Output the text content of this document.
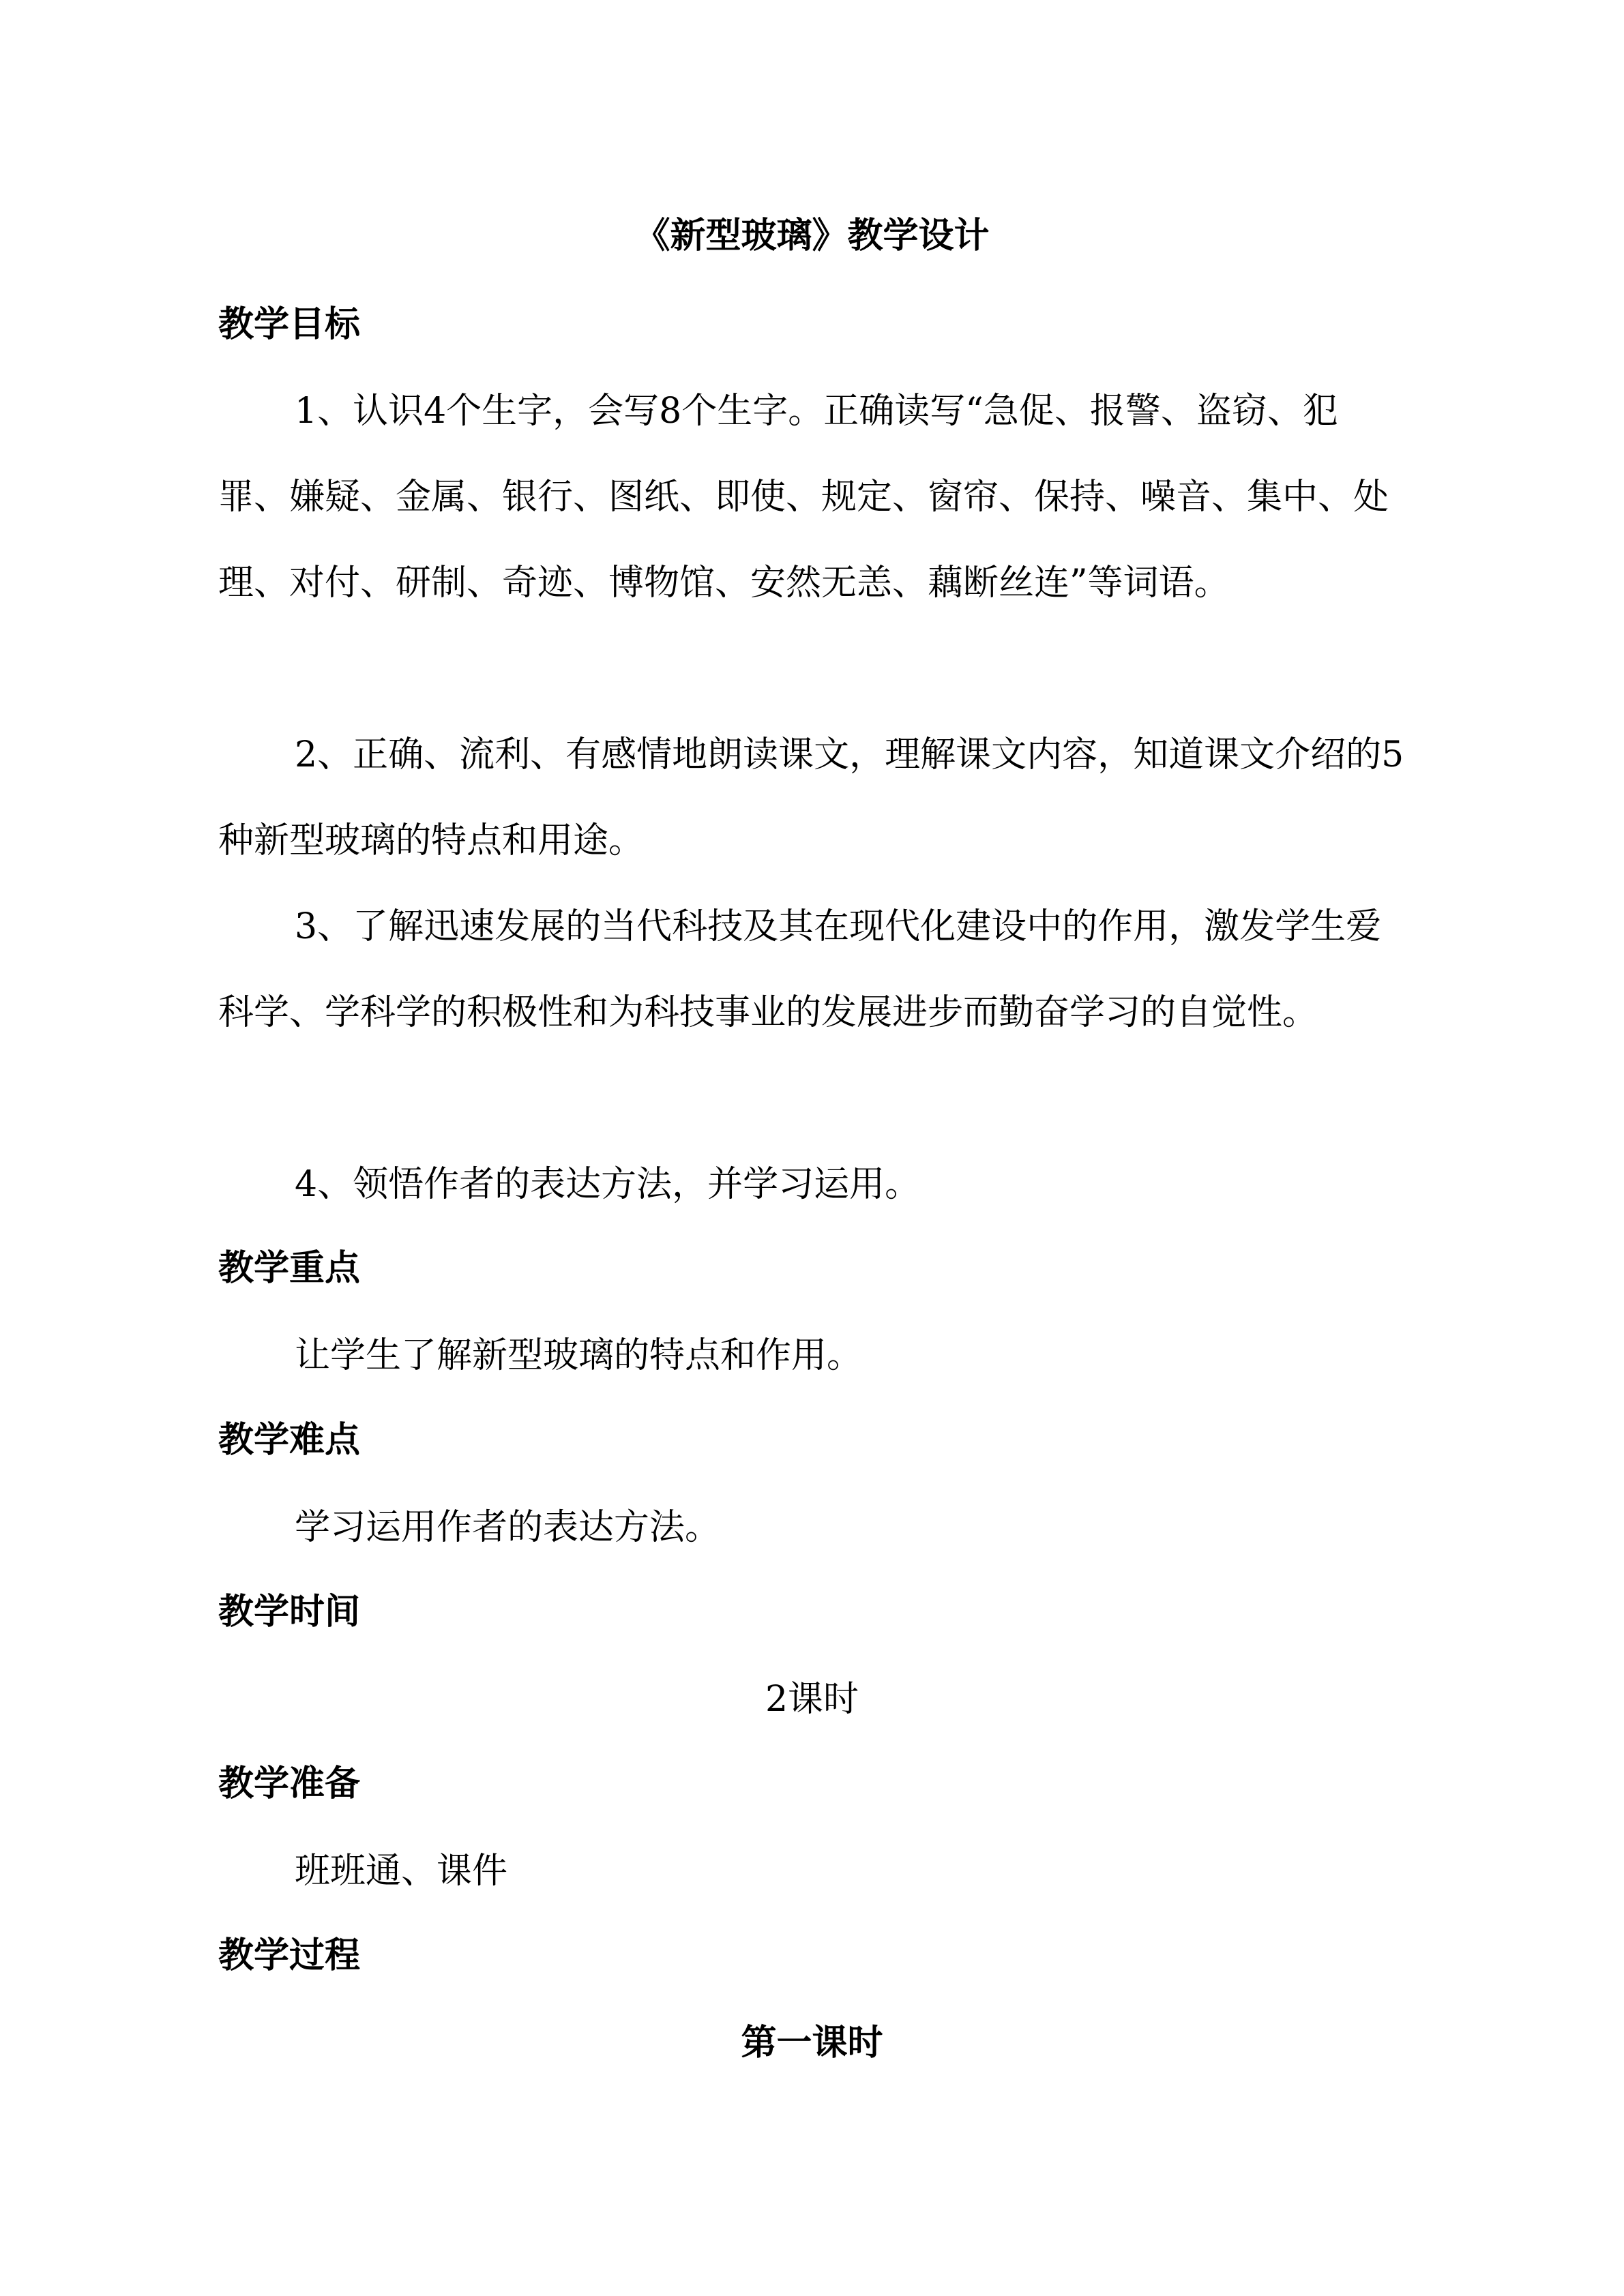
《新型玻璃》教学设计
教学目标

1、认识4个生字，会写8个生字。正确读写“急促、报警、盗窃、犯罪、嫌疑、金属、银行、图纸、即使、规定、窗帘、保持、噪音、集中、处理、对付、研制、奇迹、博物馆、安然无恙、藕断丝连”等词语。

2、正确、流利、有感情地朗读课文，理解课文内容，知道课文介绍的5种新型玻璃的特点和用途。

3、了解迅速发展的当代科技及其在现代化建设中的作用，激发学生爱科学、学科学的积极性和为科技事业的发展进步而勤奋学习的自觉性。

4、领悟作者的表达方法，并学习运用。

教学重点
让学生了解新型玻璃的特点和作用。
教学难点
学习运用作者的表达方法。
教学时间
2课时
教学准备
班班通、课件
教学过程
第一课时
